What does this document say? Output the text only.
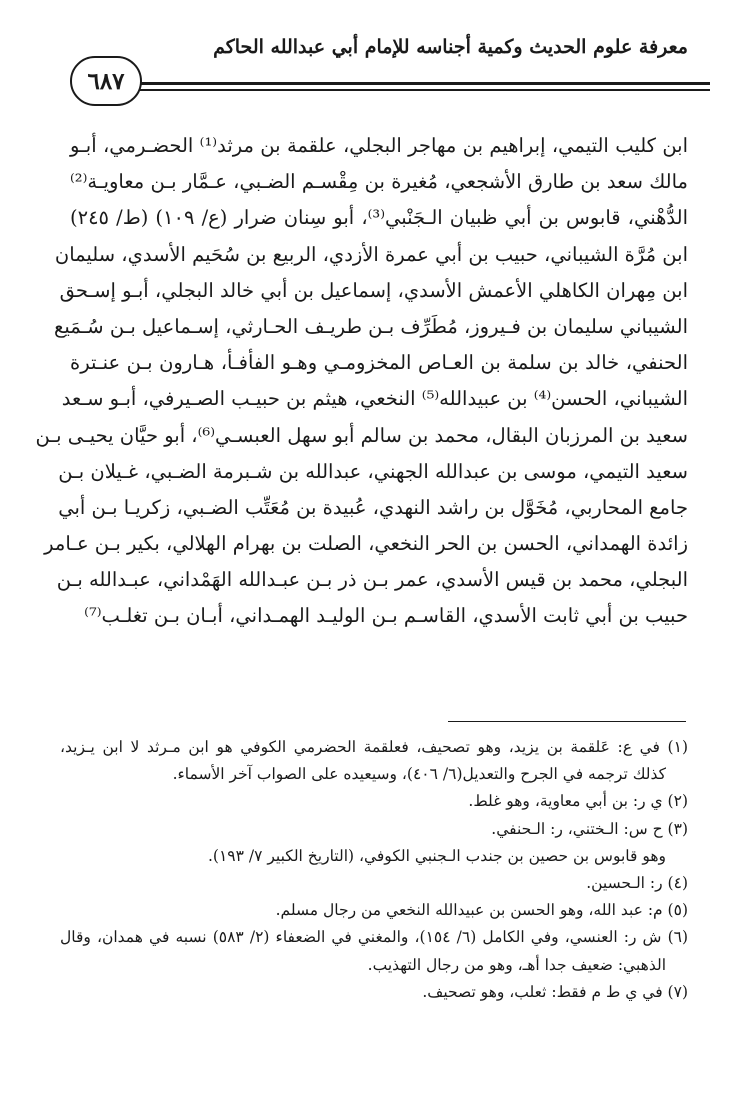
معرفة علوم الحديث وكمية أجناسه للإمام أبي عبدالله الحاكم
٦٨٧
ابن كليب التيمي، إبراهيم بن مهاجر البجلي، علقمة بن مرثد⁽¹⁾ الحضـرمي، أبـو
مالك سعد بن طارق الأشجعي، مُغيرة بن مِقْسـم الضـبي، عـمَّار بـن معاويـة⁽²⁾
الدُّهْني، قابوس بن أبي ظبيان الـجَنْبي⁽³⁾، أبو سِنان ضرار (ع/ ١٠٩) (ط/ ٢٤٥)
ابن مُرَّة الشيباني، حبيب بن أبي عمرة الأزدي، الربيع بن سُحَيم الأسدي، سليمان
ابن مِهران الكاهلي الأعمش الأسدي، إسماعيل بن أبي خالد البجلي، أبـو إسـحق
الشيباني سليمان بن فـيروز، مُطَرِّف بـن طريـف الحـارثي، إسـماعيل بـن سُـمَيع
الحنفي، خالد بن سلمة بن العـاص المخزومـي وهـو الفأفـأ، هـارون بـن عنـترة
الشيباني، الحسن⁽⁴⁾ بن عبيدالله⁽⁵⁾ النخعي، هيثم بن حبيـب الصـيرفي، أبـو سـعد
سعيد بن المرزبان البقال، محمد بن سالم أبو سهل العبسـي⁽⁶⁾، أبو حيَّان يحيـى بـن
سعيد التيمي، موسى بن عبدالله الجهني، عبدالله بن شـبرمة الضـبي، غـيلان بـن
جامع المحاربي، مُخَوَّل بن راشد النهدي، عُبيدة بن مُعَتِّب الضـبي، زكريـا بـن أبي
زائدة الهمداني، الحسن بن الحر النخعي، الصلت بن بهرام الهلالي، بكير بـن عـامر
البجلي، محمد بن قيس الأسدي، عمر بـن ذر بـن عبـدالله الهَمْداني، عبـدالله بـن
حبيب بن أبي ثابت الأسدي، القاسـم بـن الوليـد الهمـداني، أبـان بـن تغلـب⁽⁷⁾
(١) في ع: عَلقمة بن يزيد، وهو تصحيف، فعلقمة الحضرمي الكوفي هو ابن مـرثد لا ابن يـزيد،
كذلك ترجمه في الجرح والتعديل(٦/ ٤٠٦)، وسيعيده على الصواب آخر الأسماء.
(٢) ي ر: بن أبي معاوية، وهو غلط.
(٣) ح س: الـختني، ر: الـحنفي.
وهو قابوس بن حصين بن جندب الـجنبي الكوفي، (التاريخ الكبير ٧/ ١٩٣).
(٤) ر: الـحسين.
(٥) م: عبد الله، وهو الحسن بن عبيدالله النخعي من رجال مسلم.
(٦) ش ر: العنسي، وفي الكامل (٦/ ١٥٤)، والمغني في الضعفاء (٢/ ٥٨٣) نسبه في همدان، وقال
الذهبي: ضعيف جدا أهـ، وهو من رجال التهذيب.
(٧) في ي ط م فقط: ثعلب، وهو تصحيف.
